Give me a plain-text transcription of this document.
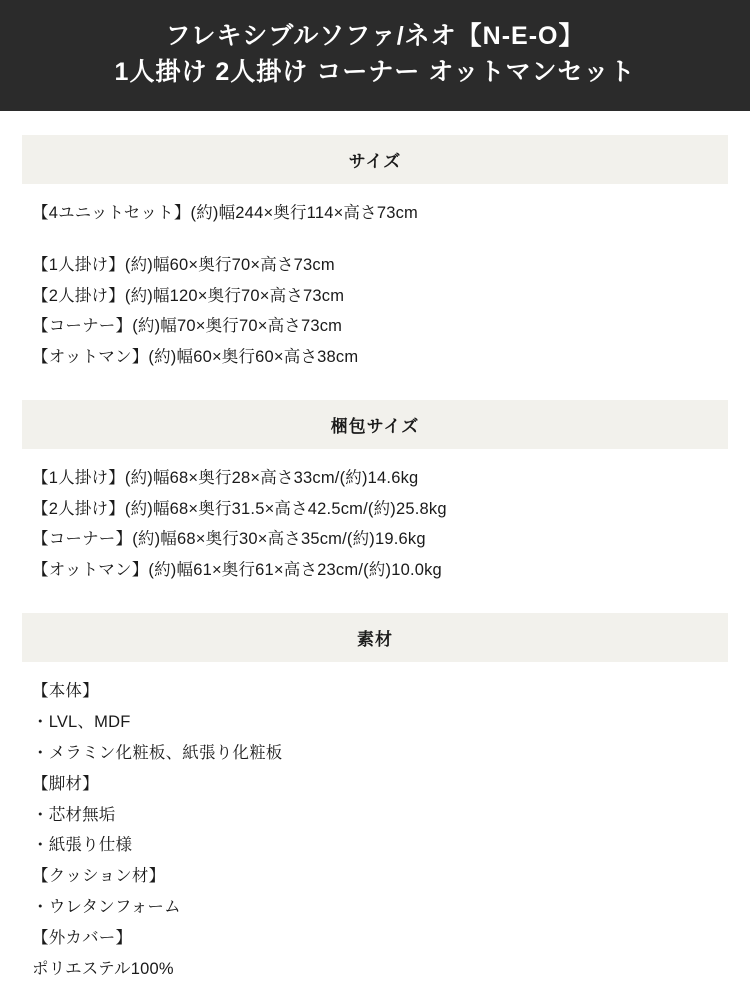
フレキシブルソファ/ネオ【N-E-O】
1人掛け 2人掛け コーナー オットマンセット
サイズ
【4ユニットセット】(約)幅244×奥行114×高さ73cm
【1人掛け】(約)幅60×奥行70×高さ73cm
【2人掛け】(約)幅120×奥行70×高さ73cm
【コーナー】(約)幅70×奥行70×高さ73cm
【オットマン】(約)幅60×奥行60×高さ38cm
梱包サイズ
【1人掛け】(約)幅68×奥行28×高さ33cm/(約)14.6kg
【2人掛け】(約)幅68×奥行31.5×高さ42.5cm/(約)25.8kg
【コーナー】(約)幅68×奥行30×高さ35cm/(約)19.6kg
【オットマン】(約)幅61×奥行61×高さ23cm/(約)10.0kg
素材
【本体】
・LVL、MDF
・メラミン化粧板、紙張り化粧板
【脚材】
・芯材無垢
・紙張り仕様
【クッション材】
・ウレタンフォーム
【外カバー】
ポリエステル100%
